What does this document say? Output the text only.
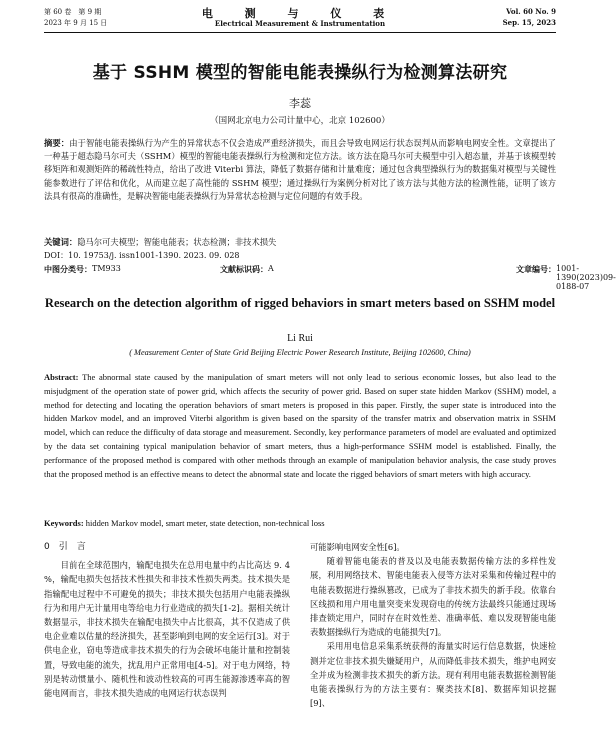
第 60 卷　第 9 期
2023 年 9 月 15 日
电 测 与 仪 表
Electrical Measurement & Instrumentation
Vol. 60 No. 9
Sep. 15, 2023
基于 SSHM 模型的智能电能表操纵行为检测算法研究
李蕊
（国网北京电力公司计量中心，北京 102600）
摘要：由于智能电能表操纵行为产生的异常状态不仅会造成严重经济损失，而且会导致电网运行状态误判从而影响电网安全性。文章提出了一种基于超态隐马尔可夫（SSHM）模型的智能电能表操纵行为检测和定位方法。该方法在隐马尔可夫模型中引入超态量，并基于该模型转移矩阵和观测矩阵的稀疏性特点，给出了改进 Viterbi 算法，降低了数据存储和计量难度；通过包含典型操纵行为的数据集对模型与关键性能参数进行了评估和优化，从而建立起了高性能的 SSHM 模型；通过操纵行为案例分析对比了该方法与其他方法的检测性能，证明了该方法具有很高的准确性，是解决智能电能表操纵行为异常状态检测与定位问题的有效手段。
关键词：隐马尔可夫模型；智能电能表；状态检测；非技术损失
DOI：10. 19753/j. issn1001-1390. 2023. 09. 028
中图分类号： TM933	文献标识码： A	文章编号： 1001-1390(2023)09-0188-07
Research on the detection algorithm of rigged behaviors in smart meters based on SSHM model
Li Rui
( Measurement Center of State Grid Beijing Electric Power Research Institute, Beijing 102600, China)
Abstract: The abnormal state caused by the manipulation of smart meters will not only lead to serious economic losses, but also lead to the misjudgment of the operation state of power grid, which affects the security of power grid. Based on super state hidden Markov (SSHM) model, a method for detecting and locating the operation behaviors of smart meters is proposed in this paper. Firstly, the super state is introduced into the hidden Markov model, and an improved Viterbi algorithm is given based on the sparsity of the transfer matrix and observation matrix in SSHM model, which can reduce the difficulty of data storage and measurement. Secondly, key performance parameters of model are evaluated and optimized by the data set containing typical manipulation behavior of smart meters, thus a high-performance SSHM model is established. Finally, the performance of the proposed method is compared with other methods through an example of manipulation behavior analysis, the case study proves that the proposed method is an effective means to detect the abnormal state and locate the rigged behaviors of smart meters with high accuracy.
Keywords: hidden Markov model, smart meter, state detection, non-technical loss
0　 引　言

目前在全球范围内，输配电损失在总用电量中约占比高达 9. 4 %，输配电损失包括技术性损失和非技术性损失两类。技术损失是指输配电过程中不可避免的损失；非技术损失包括用户电能表操纵行为和用户无计量用电等给电力行业造成的损失[1-2]。据相关统计数据显示，非技术损失在输配电损失中占比很高，其不仅造成了供电企业难以估量的经济损失，甚至影响到电网的安全运行[3]。对于供电企业，窃电等造成非技术损失的行为会破坏电能计量和控制装置，导致电能的流失，扰乱用户正常用电[4-5]。对于电力网络，特别是转动惯量小、随机性和波动性较高的可再生能源渗透率高的智能电网而言，非技术损失造成的电网运行状态误判

可能影响电网安全性[6]。

随着智能电能表的普及以及电能表数据传输方法的多样性发展，利用网络技术、智能电能表入侵等方法对采集和传输过程中的电能表数据进行操纵篡改，已成为了非技术损失的新手段。依靠台区线损和用户用电量突变来发现窃电的传统方法最终只能通过现场排查锁定用户，同时存在时效性差、准确率低、难以发现智能电能表数据操纵行为造成的电能损失[7]。

采用用电信息采集系统获得的海量实时运行信息数据，快速检测并定位非技术损失嫌疑用户，从而降低非技术损失，维护电网安全并成为检测非技术损失的新方法。现有利用电能表数据检测智能电能表操纵行为的方法主要有：聚类技术[8]、数据库知识挖掘[9]、
